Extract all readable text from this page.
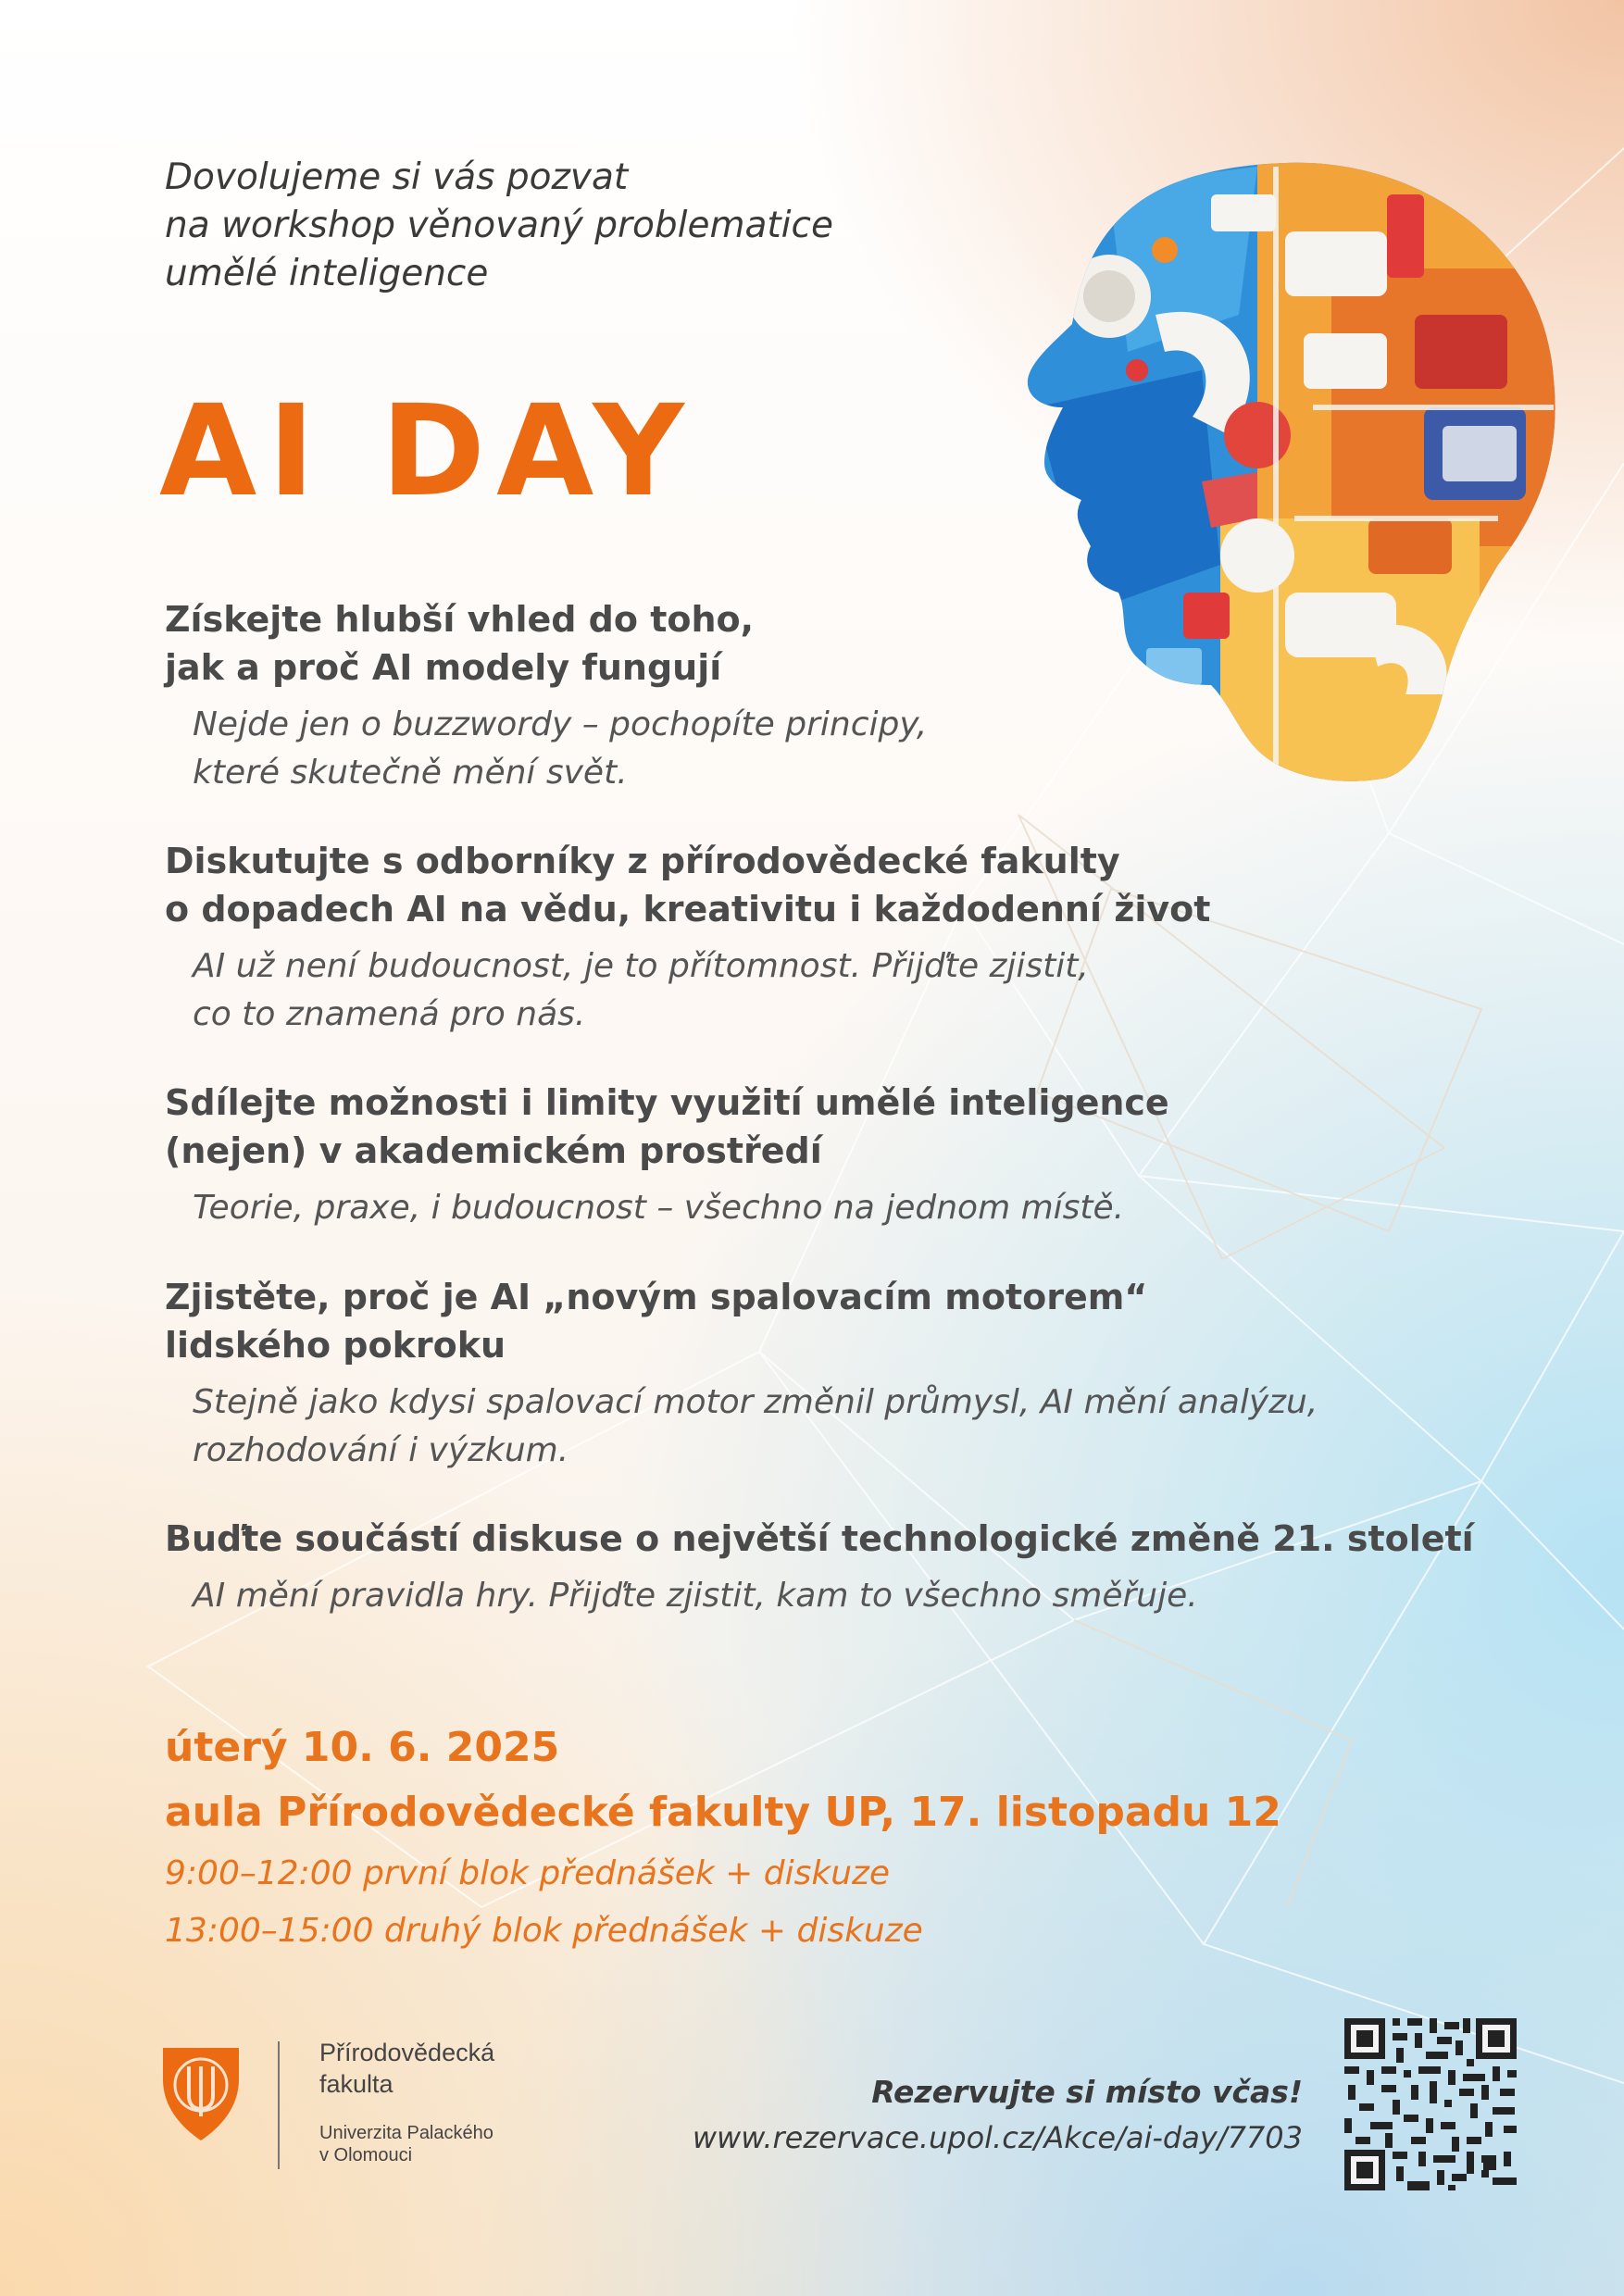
Dovolujeme si vás pozvat
na workshop věnovaný problematice
umělé inteligence
AI DAY
Získejte hlubší vhled do toho,
jak a proč AI modely fungují
Nejde jen o buzzwordy – pochopíte principy,
které skutečně mění svět.
Diskutujte s odborníky z přírodovědecké fakulty
o dopadech AI na vědu, kreativitu i každodenní život
AI už není budoucnost, je to přítomnost. Přijďte zjistit,
co to znamená pro nás.
Sdílejte možnosti i limity využití umělé inteligence
(nejen) v akademickém prostředí
Teorie, praxe, i budoucnost – všechno na jednom místě.
Zjistěte, proč je AI „novým spalovacím motorem“
lidského pokroku
Stejně jako kdysi spalovací motor změnil průmysl, AI mění analýzu,
rozhodování i výzkum.
Buďte součástí diskuse o největší technologické změně 21. století
AI mění pravidla hry. Přijďte zjistit, kam to všechno směřuje.
úterý 10. 6. 2025
aula Přírodovědecké fakulty UP, 17. listopadu 12
9:00–12:00 první blok přednášek + diskuze
13:00–15:00 druhý blok přednášek + diskuze
Přírodovědecká
fakulta
Univerzita Palackého
v Olomouci
Rezervujte si místo včas!
www.rezervace.upol.cz/Akce/ai-day/7703
